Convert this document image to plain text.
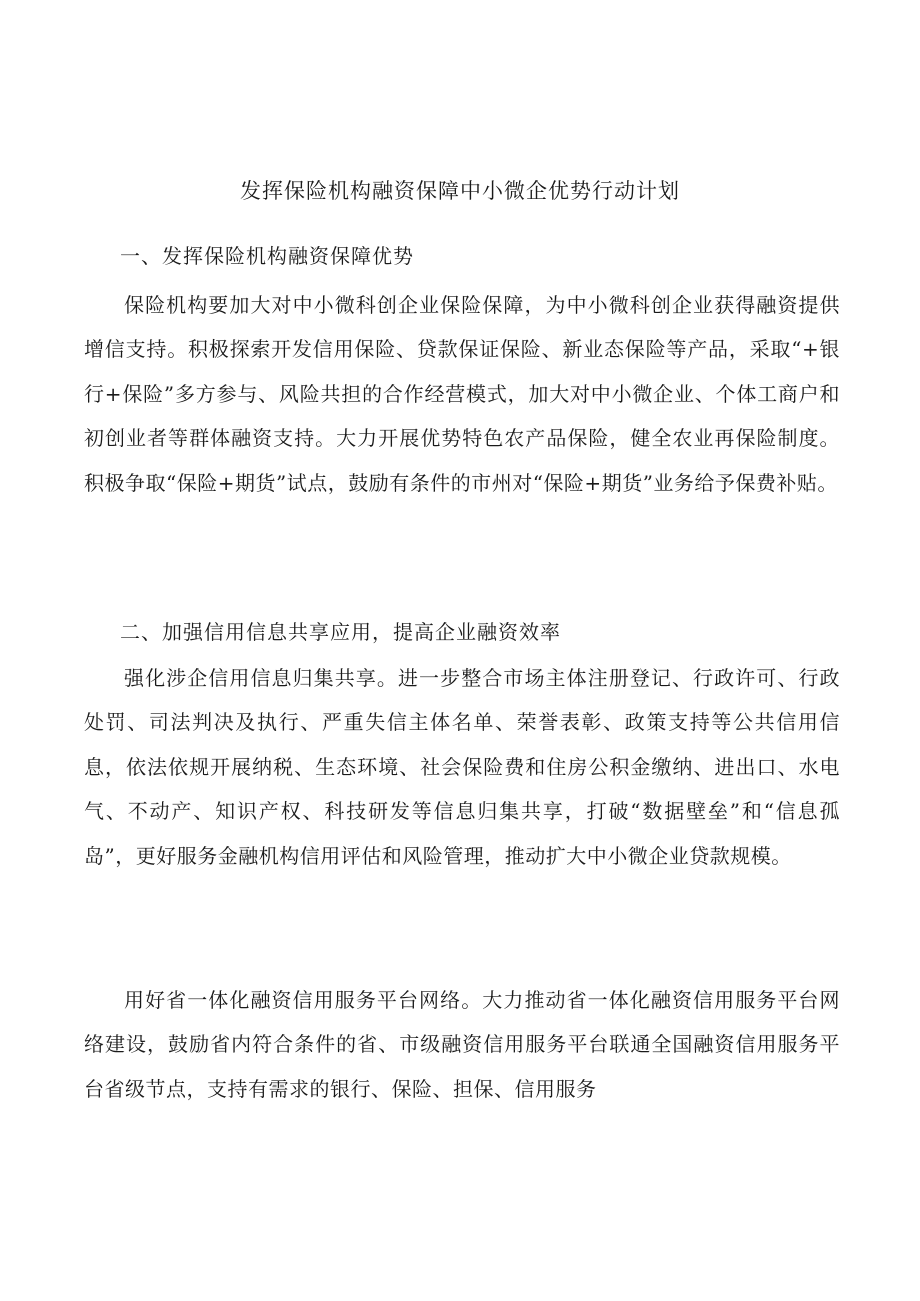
发挥保险机构融资保障中小微企优势行动计划
一、发挥保险机构融资保障优势
保险机构要加大对中小微科创企业保险保障，为中小微科创企业获得融资提供增信支持。积极探索开发信用保险、贷款保证保险、新业态保险等产品，采取“+银行+保险”多方参与、风险共担的合作经营模式，加大对中小微企业、个体工商户和初创业者等群体融资支持。大力开展优势特色农产品保险，健全农业再保险制度。积极争取“保险+期货”试点，鼓励有条件的市州对“保险+期货”业务给予保费补贴。
二、加强信用信息共享应用，提高企业融资效率
强化涉企信用信息归集共享。进一步整合市场主体注册登记、行政许可、行政处罚、司法判决及执行、严重失信主体名单、荣誉表彰、政策支持等公共信用信息，依法依规开展纳税、生态环境、社会保险费和住房公积金缴纳、进出口、水电气、不动产、知识产权、科技研发等信息归集共享，打破“数据壁垒”和“信息孤岛”，更好服务金融机构信用评估和风险管理，推动扩大中小微企业贷款规模。
用好省一体化融资信用服务平台网络。大力推动省一体化融资信用服务平台网络建设，鼓励省内符合条件的省、市级融资信用服务平台联通全国融资信用服务平台省级节点，支持有需求的银行、保险、担保、信用服务
